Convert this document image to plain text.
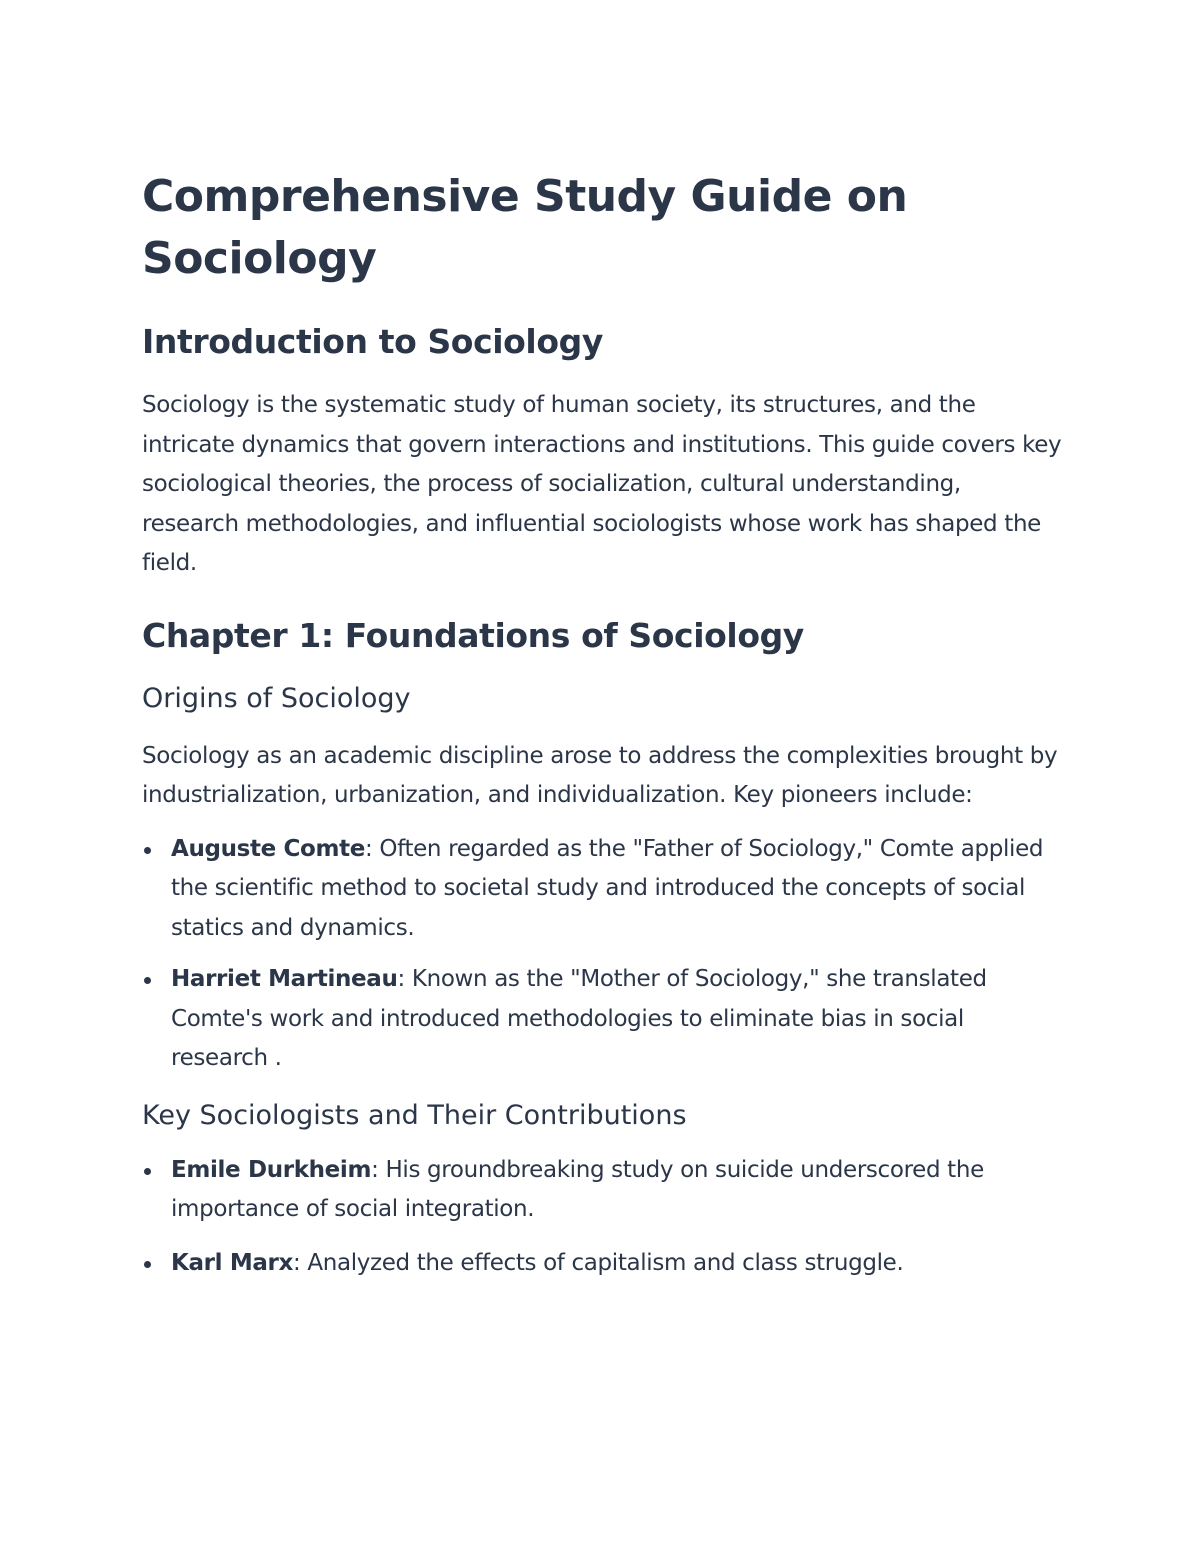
Comprehensive Study Guide on Sociology
Introduction to Sociology

Sociology is the systematic study of human society, its structures, and the intricate dynamics that govern interactions and institutions. This guide covers key sociological theories, the process of socialization, cultural understanding, research methodologies, and influential sociologists whose work has shaped the field.

Chapter 1: Foundations of Sociology
Origins of Sociology

Sociology as an academic discipline arose to address the complexities brought by industrialization, urbanization, and individualization. Key pioneers include:

Auguste Comte: Often regarded as the "Father of Sociology," Comte applied the scientific method to societal study and introduced the concepts of social statics and dynamics.
Harriet Martineau: Known as the "Mother of Sociology," she translated Comte's work and introduced methodologies to eliminate bias in social research .
Key Sociologists and Their Contributions
Emile Durkheim: His groundbreaking study on suicide underscored the importance of social integration.
Karl Marx: Analyzed the effects of capitalism and class struggle.
